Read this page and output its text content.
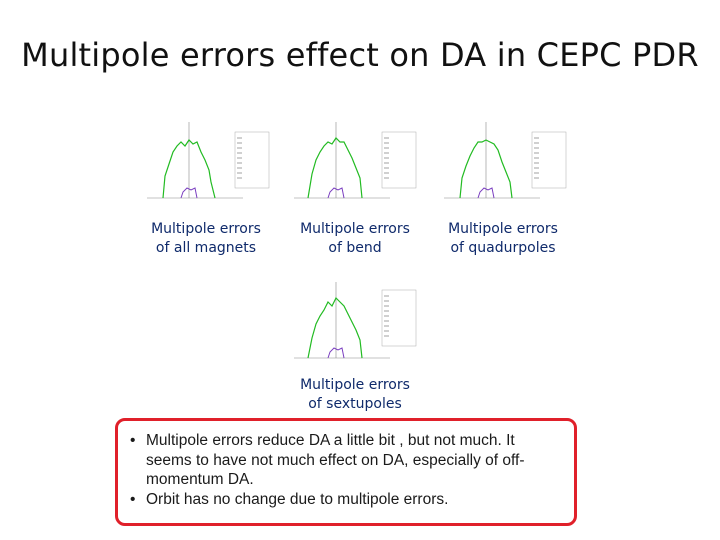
Multipole errors effect on DA in CEPC PDR
Multipole errors
of all magnets
Multipole errors
of bend
Multipole errors
of quadurpoles
Multipole errors
of sextupoles
• Multipole errors reduce DA a little bit , but not much. It seems to have not much effect on DA, especially of off-momentum DA.
• Orbit has no change due to multipole errors.
